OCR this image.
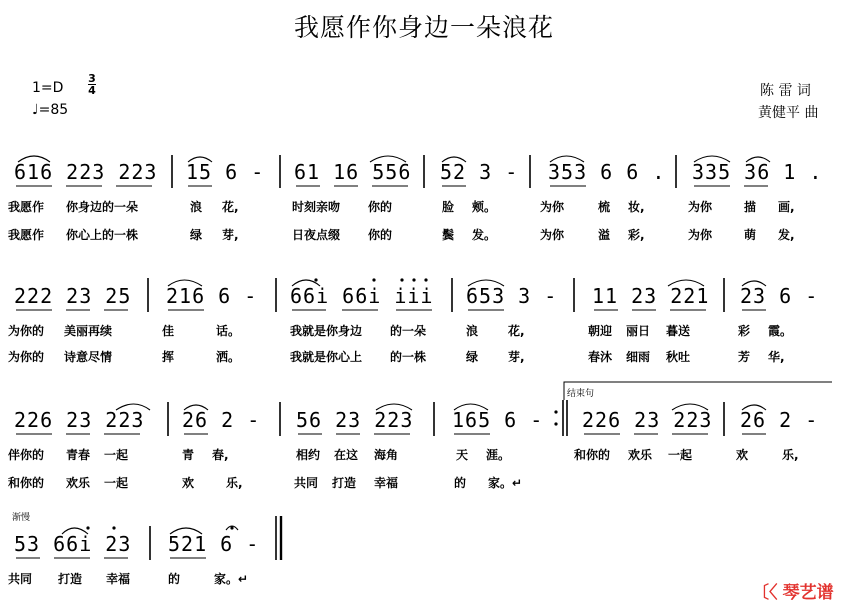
我愿作你身边一朵浪花
1=D
3
4
♩=85
陈 雷 词
黄健平 曲
616 223 223 15 6 - 61 16 556 52 3 - 353 6 6 . 335 36 1 .
我愿作 你身边的一朵	浪 花,	时刻亲吻 你的	脸 颊。	为你	梳 妆,	为你	描 画,
我愿作 你心上的一株	绿 芽,	日夜点缀 你的	鬓 发。	为你	溢 彩,	为你	萌 发,
222 23 25 216 6 - 66i 66i iii 653 3 - 11 23 221 23 6 -
为你的 美丽再续	佳	话。	我就是你身边 的一朵	浪 花,	朝迎 丽日 暮送	彩 霞。
为你的 诗意尽情	挥	洒。	我就是你心上 的一株	绿 芽,	春沐 细雨 秋吐	芳 华,
结束句
226 23 223 26 2 - 56 23 223 165 6 - 226 23 223 26 2 -
伴你的 青春 一起	青 春,	相约 在这 海角	天 涯。	和你的 欢乐 一起	欢	乐,
和你的 欢乐 一起	欢	乐,	共同 打造 幸福	的 家。↵
渐慢
53 66i 23 521 6 -
共同 打造 幸福	的	家。↵
〔〈 琴艺谱
